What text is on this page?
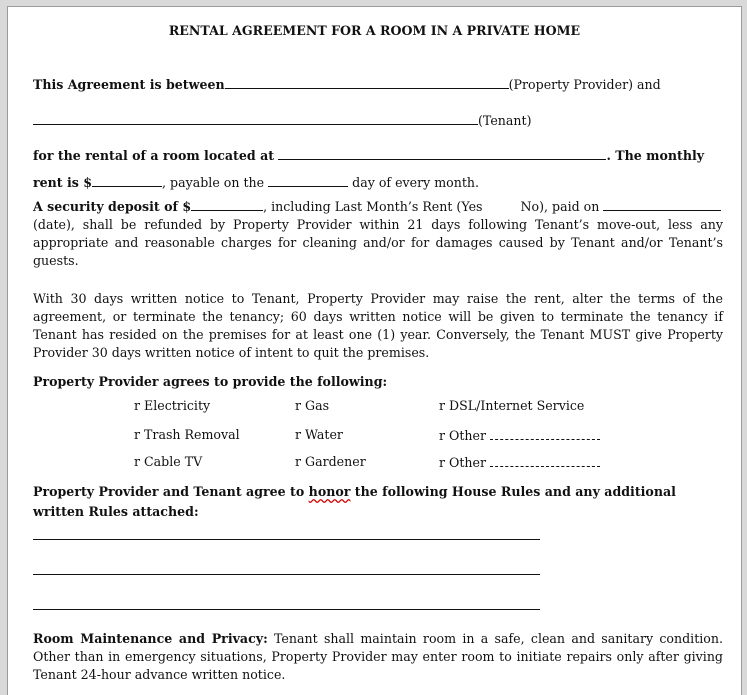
RENTAL AGREEMENT FOR A ROOM IN A PRIVATE HOME
This Agreement is between	(Property Provider) and
(Tenant)
for the rental of a room located at	. The monthly
rent is $	, payable on the	day of every month.
A security deposit of $	, including Last Month’s Rent (Yes	No), paid on
(date), shall be refunded by Property Provider within 21 days following Tenant’s move-out, less any appropriate and reasonable charges for cleaning and/or for damages caused by Tenant and/or Tenant’s guests.
With 30 days written notice to Tenant, Property Provider may raise the rent, alter the terms of the agreement, or terminate the tenancy; 60 days written notice will be given to terminate the tenancy if Tenant has resided on the premises for at least one (1) year. Conversely, the Tenant MUST give Property Provider 30 days written notice of intent to quit the premises.
Property Provider agrees to provide the following:
r Electricity	r Gas	r DSL/Internet Service
r Trash Removal	r Water	r Other
r Cable TV	r Gardener	r Other
Property Provider and Tenant agree to honor the following House Rules and any additional
written Rules attached:
Room Maintenance and Privacy: Tenant shall maintain room in a safe, clean and sanitary condition. Other than in emergency situations, Property Provider may enter room to initiate repairs only after giving Tenant 24-hour advance written notice.
